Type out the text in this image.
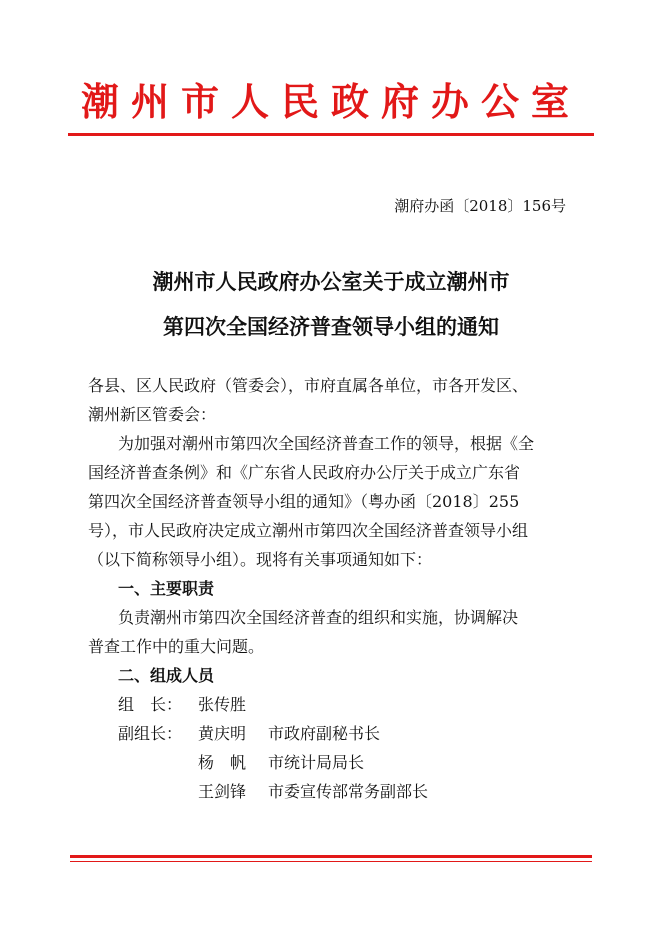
潮州市人民政府办公室
潮府办函〔2018〕156号
潮州市人民政府办公室关于成立潮州市
第四次全国经济普查领导小组的通知
各县、区人民政府（管委会），市府直属各单位，市各开发区、
潮州新区管委会：
为加强对潮州市第四次全国经济普查工作的领导，根据《全
国经济普查条例》和《广东省人民政府办公厅关于成立广东省
第四次全国经济普查领导小组的通知》（粤办函〔2018〕255
号），市人民政府决定成立潮州市第四次全国经济普查领导小组
（以下简称领导小组）。现将有关事项通知如下：
一、主要职责
负责潮州市第四次全国经济普查的组织和实施，协调解决
普查工作中的重大问题。
二、组成人员
组　长： 张传胜
副组长： 黄庆明 市政府副秘书长
杨　帆 市统计局局长
王剑锋 市委宣传部常务副部长
